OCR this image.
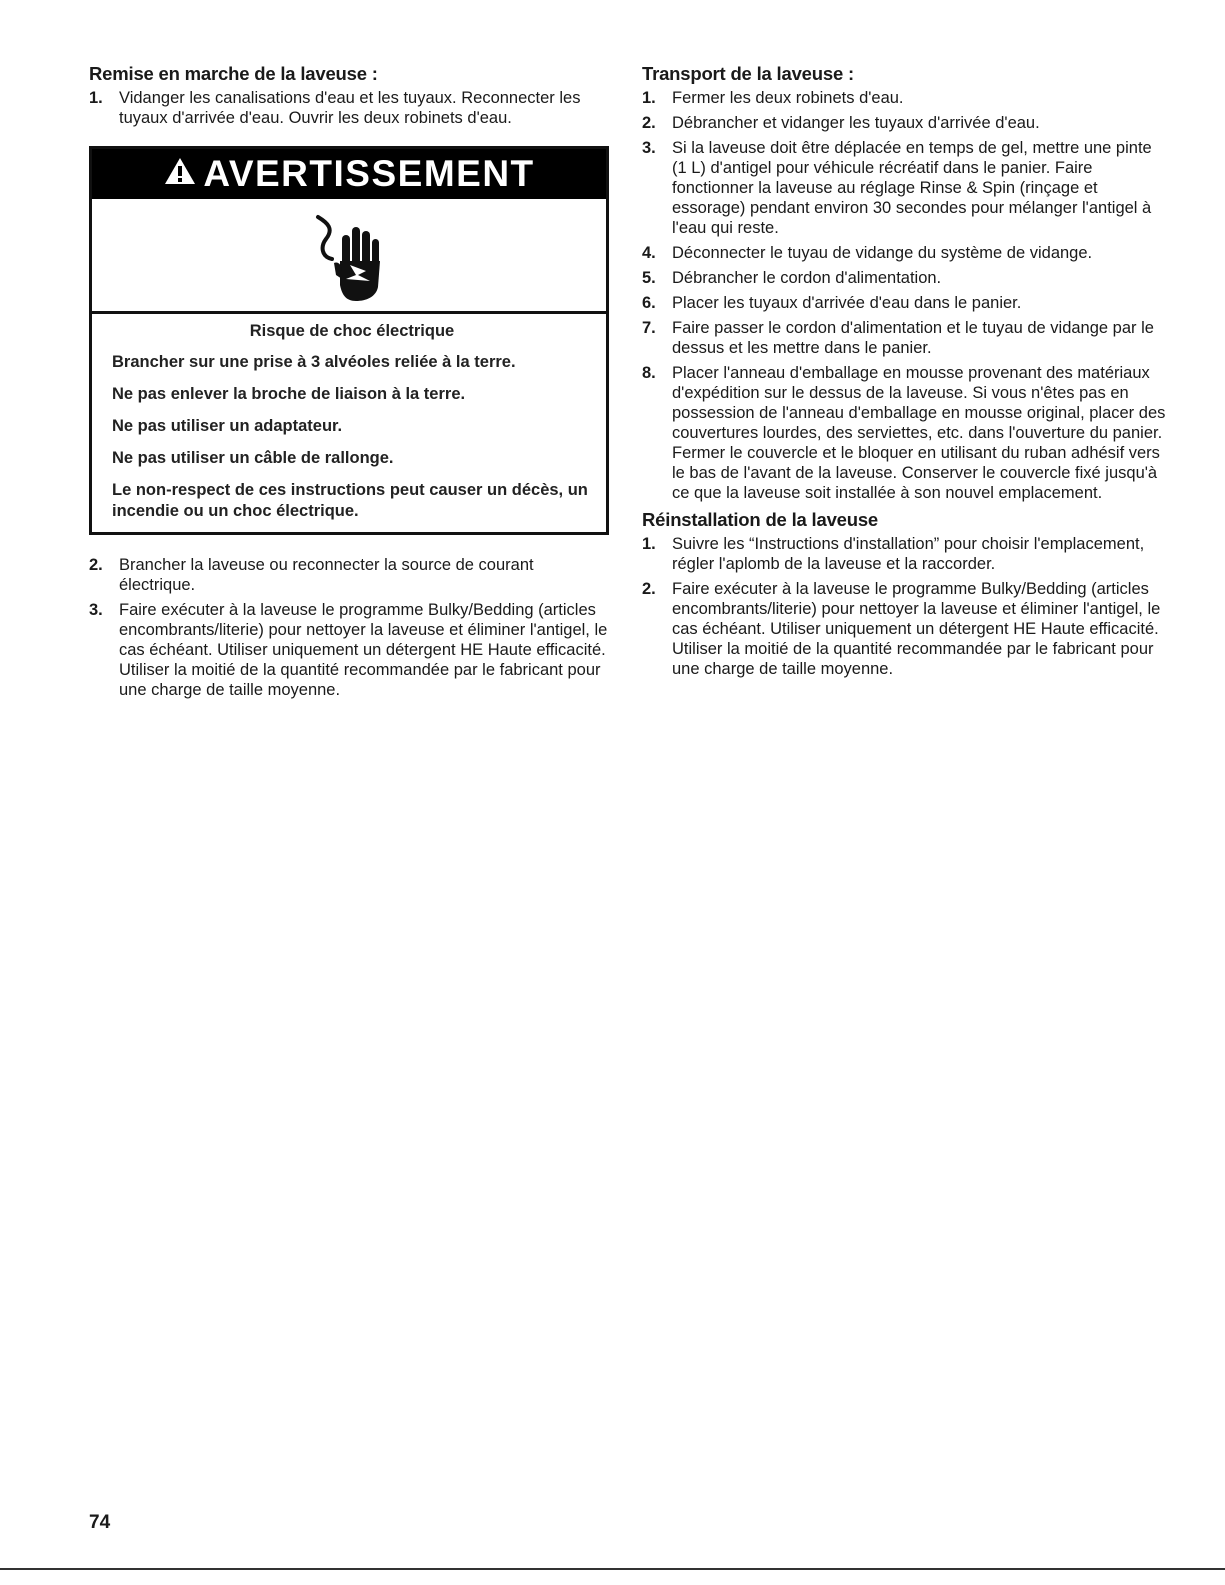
Remise en marche de la laveuse :
1. Vidanger les canalisations d'eau et les tuyaux. Reconnecter les tuyaux d'arrivée d'eau. Ouvrir les deux robinets d'eau.
AVERTISSEMENT
Risque de choc électrique

Brancher sur une prise à 3 alvéoles reliée à la terre.

Ne pas enlever la broche de liaison à la terre.

Ne pas utiliser un adaptateur.

Ne pas utiliser un câble de rallonge.

Le non-respect de ces instructions peut causer un décès, un incendie ou un choc électrique.

2. Brancher la laveuse ou reconnecter la source de courant électrique.
3. Faire exécuter à la laveuse le programme Bulky/Bedding (articles encombrants/literie) pour nettoyer la laveuse et éliminer l'antigel, le cas échéant. Utiliser uniquement un détergent HE Haute efficacité. Utiliser la moitié de la quantité recommandée par le fabricant pour une charge de taille moyenne.
Transport de la laveuse :
1. Fermer les deux robinets d'eau.
2. Débrancher et vidanger les tuyaux d'arrivée d'eau.
3. Si la laveuse doit être déplacée en temps de gel, mettre une pinte (1 L) d'antigel pour véhicule récréatif dans le panier. Faire fonctionner la laveuse au réglage Rinse & Spin (rinçage et essorage) pendant environ 30 secondes pour mélanger l'antigel à l'eau qui reste.
4. Déconnecter le tuyau de vidange du système de vidange.
5. Débrancher le cordon d'alimentation.
6. Placer les tuyaux d'arrivée d'eau dans le panier.
7. Faire passer le cordon d'alimentation et le tuyau de vidange par le dessus et les mettre dans le panier.
8. Placer l'anneau d'emballage en mousse provenant des matériaux d'expédition sur le dessus de la laveuse. Si vous n'êtes pas en possession de l'anneau d'emballage en mousse original, placer des couvertures lourdes, des serviettes, etc. dans l'ouverture du panier. Fermer le couvercle et le bloquer en utilisant du ruban adhésif vers le bas de l'avant de la laveuse. Conserver le couvercle fixé jusqu'à ce que la laveuse soit installée à son nouvel emplacement.
Réinstallation de la laveuse
1. Suivre les “Instructions d'installation” pour choisir l'emplacement, régler l'aplomb de la laveuse et la raccorder.
2. Faire exécuter à la laveuse le programme Bulky/Bedding (articles encombrants/literie) pour nettoyer la laveuse et éliminer l'antigel, le cas échéant. Utiliser uniquement un détergent HE Haute efficacité. Utiliser la moitié de la quantité recommandée par le fabricant pour une charge de taille moyenne.
74
